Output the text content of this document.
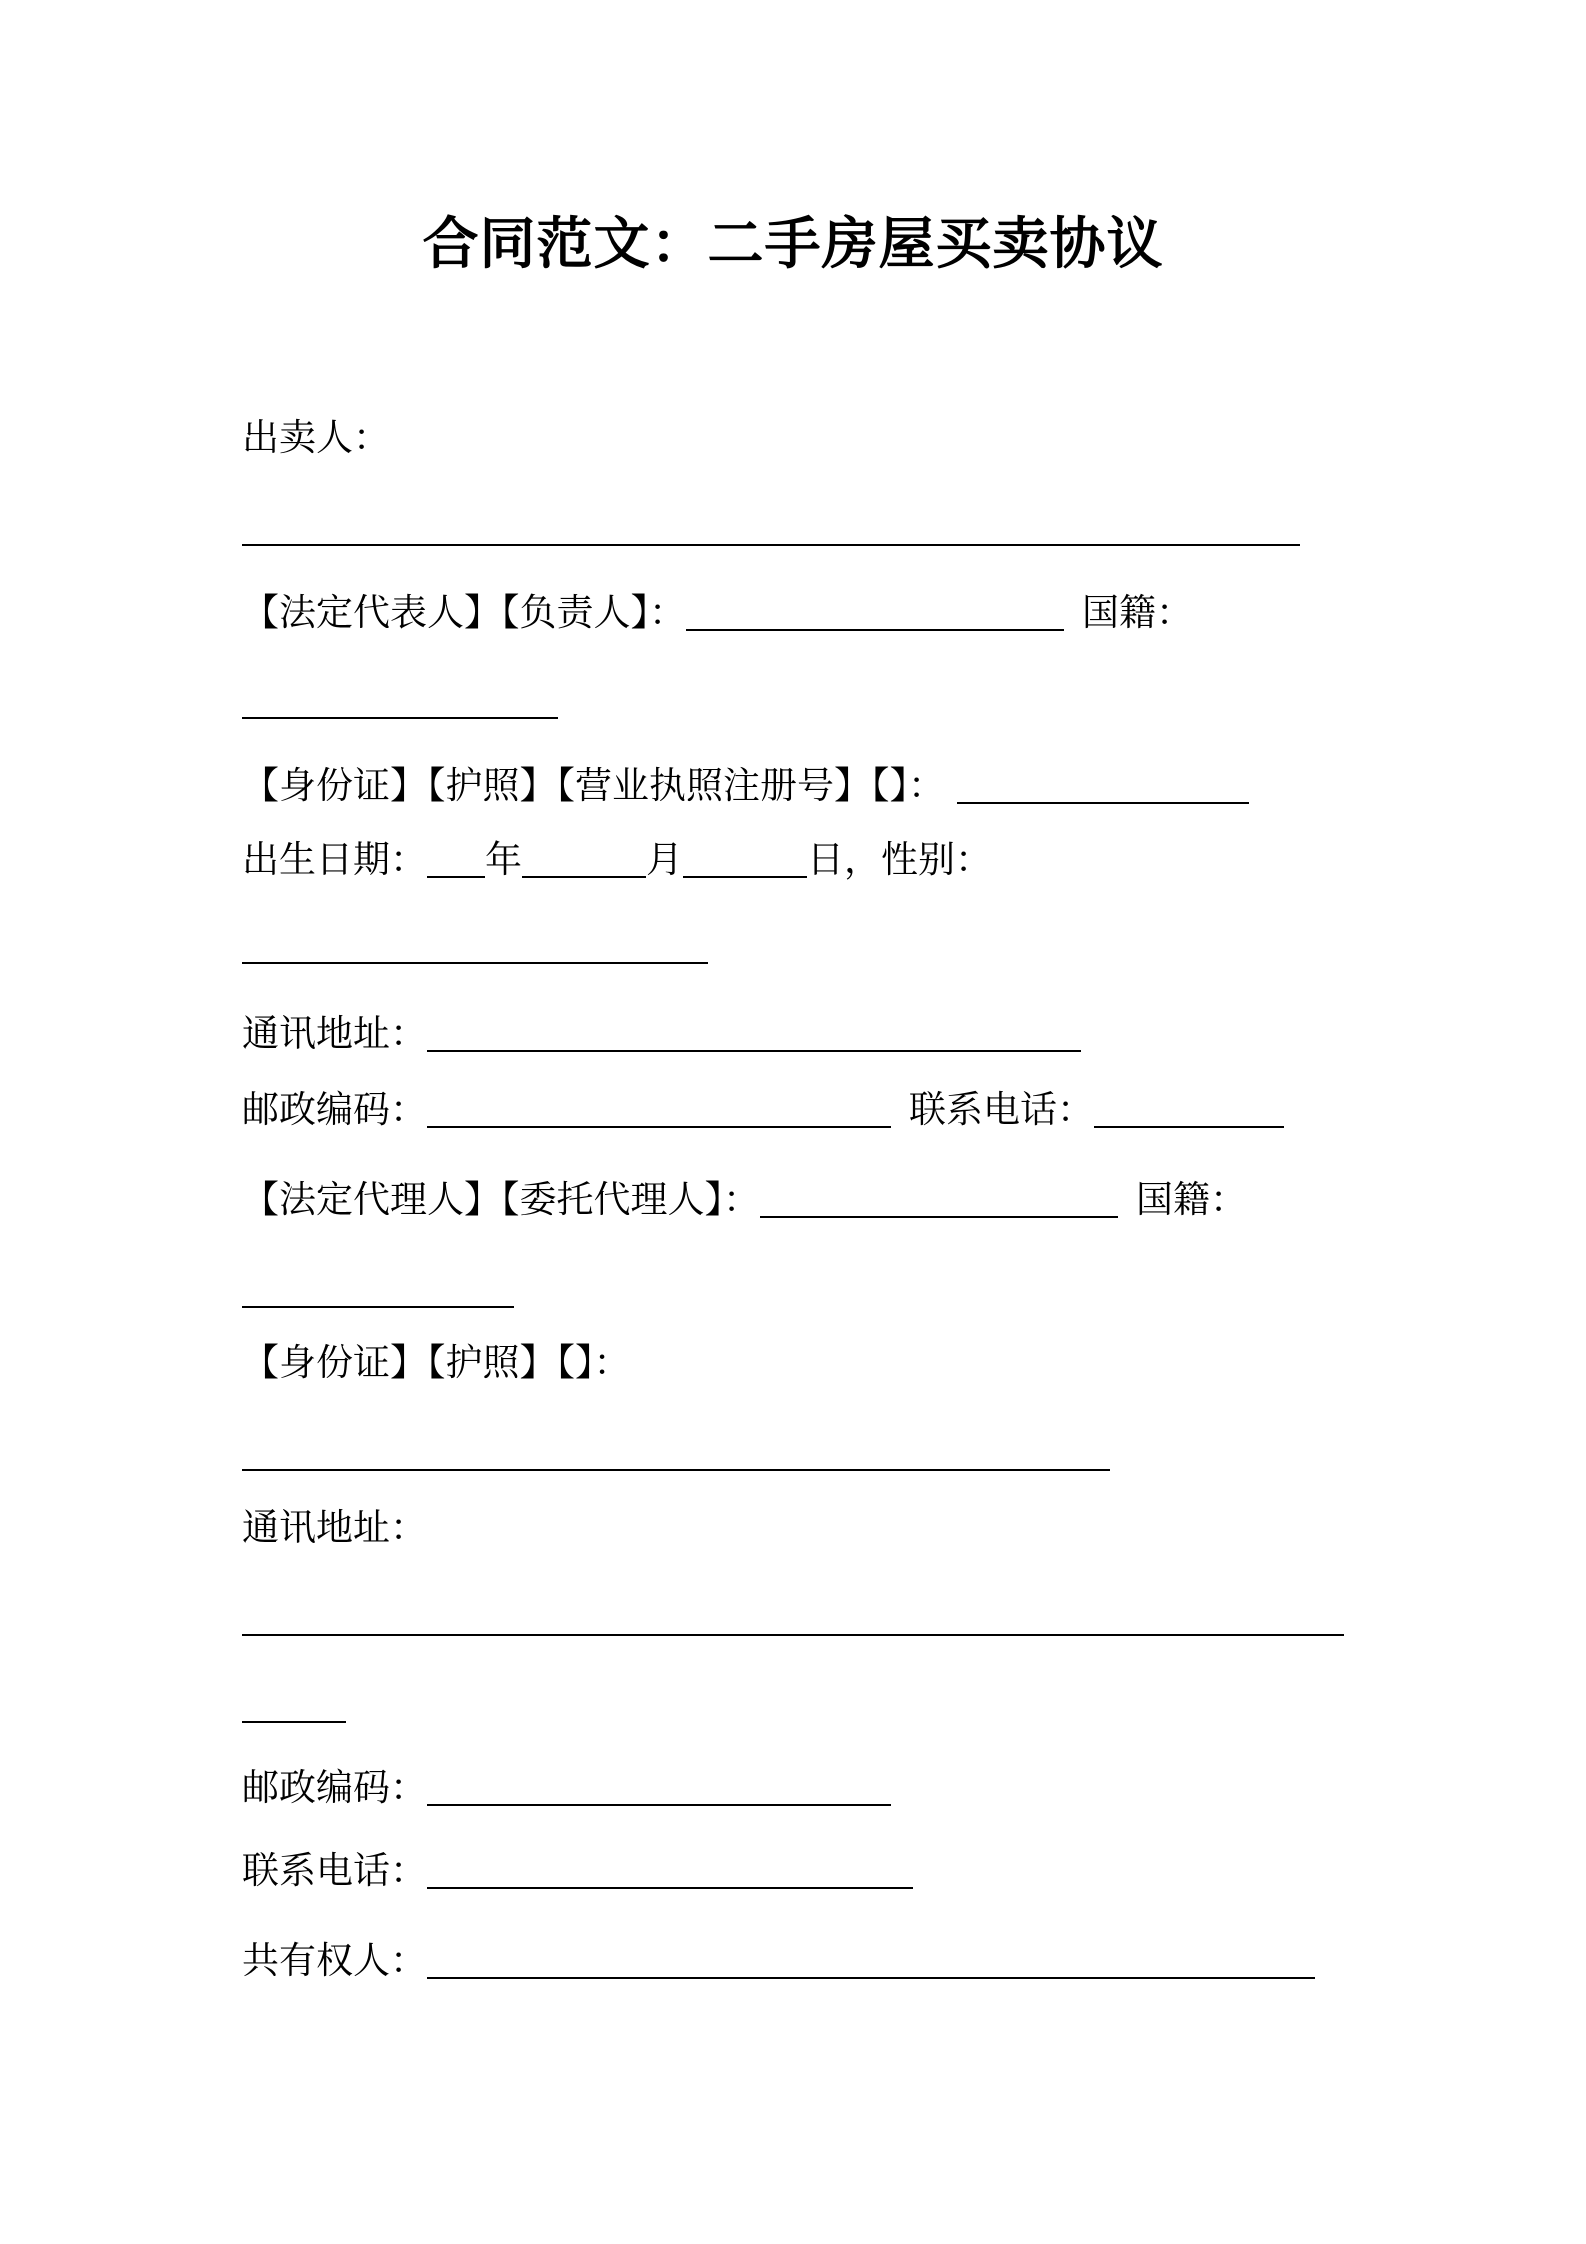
合同范文：二手房屋买卖协议
出卖人：
【法定代表人】【负责人】：	国籍：
【身份证】【护照】【营业执照注册号】【】：
出生日期： 年	月	日，性别：
通讯地址：
邮政编码：	联系电话：
【法定代理人】【委托代理人】：	国籍：
【身份证】【护照】【】：
通讯地址：
邮政编码：
联系电话：
共有权人：
